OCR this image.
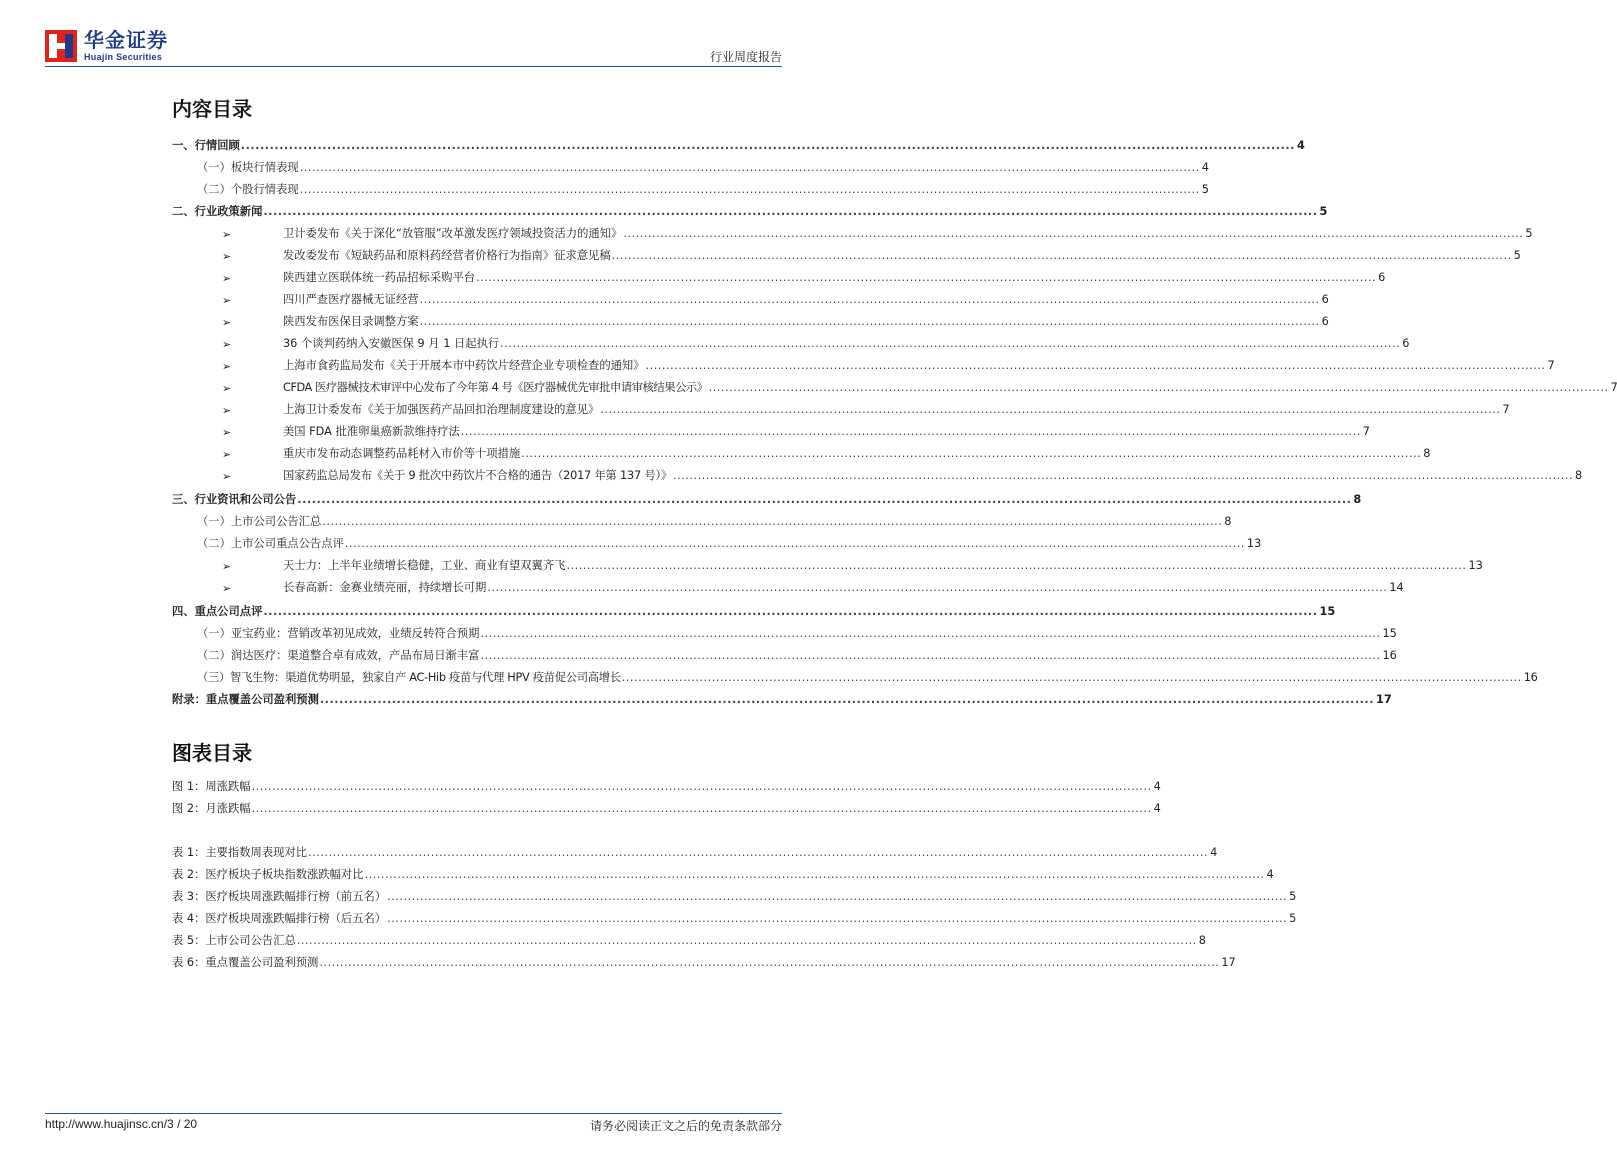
华金证券
Huajin Securities	行业周度报告
内容目录
一、行情回顾 ............................................................................................................................................................................................................................ 4
（一）板块行情表现 ............................................................................................................................................................................................................................ 4
（二）个股行情表现 ............................................................................................................................................................................................................................ 5
二、行业政策新闻 ............................................................................................................................................................................................................................ 5
➢	卫计委发布《关于深化“放管服”改革激发医疗领域投资活力的通知》 ............................................................................................................................................................................................................................ 5
➢	发改委发布《短缺药品和原料药经营者价格行为指南》征求意见稿 ............................................................................................................................................................................................................................ 5
➢	陕西建立医联体统一药品招标采购平台 ............................................................................................................................................................................................................................ 6
➢	四川严查医疗器械无证经营 ............................................................................................................................................................................................................................ 6
➢	陕西发布医保目录调整方案 ............................................................................................................................................................................................................................ 6
➢	36 个谈判药纳入安徽医保 9 月 1 日起执行 ............................................................................................................................................................................................................................ 6
➢	上海市食药监局发布《关于开展本市中药饮片经营企业专项检查的通知》 ............................................................................................................................................................................................................................ 7
➢	CFDA 医疗器械技术审评中心发布了今年第 4 号《医疗器械优先审批申请审核结果公示》 ............................................................................................................................................................................................................................ 7
➢	上海卫计委发布《关于加强医药产品回扣治理制度建设的意见》 ............................................................................................................................................................................................................................ 7
➢	美国 FDA 批准卵巢癌新款维持疗法 ............................................................................................................................................................................................................................ 7
➢	重庆市发布动态调整药品耗材入市价等十项措施 ............................................................................................................................................................................................................................ 8
➢	国家药监总局发布《关于 9 批次中药饮片不合格的通告（2017 年第 137 号）》 ............................................................................................................................................................................................................................ 8
三、行业资讯和公司公告 ............................................................................................................................................................................................................................ 8
（一）上市公司公告汇总 ............................................................................................................................................................................................................................ 8
（二）上市公司重点公告点评 ............................................................................................................................................................................................................................ 13
➢	天士力：上半年业绩增长稳健，工业、商业有望双翼齐飞 ............................................................................................................................................................................................................................ 13
➢	长春高新：金赛业绩亮丽，持续增长可期 ............................................................................................................................................................................................................................ 14
四、重点公司点评 ............................................................................................................................................................................................................................ 15
（一）亚宝药业：营销改革初见成效，业绩反转符合预期 ............................................................................................................................................................................................................................ 15
（二）润达医疗：渠道整合卓有成效，产品布局日渐丰富 ............................................................................................................................................................................................................................ 16
（三）智飞生物：渠道优势明显，独家自产 AC-Hib 疫苗与代理 HPV 疫苗促公司高增长 ............................................................................................................................................................................................................................ 16
附录：重点覆盖公司盈利预测 ............................................................................................................................................................................................................................ 17
图表目录
图 1：周涨跌幅 ............................................................................................................................................................................................................................ 4
图 2：月涨跌幅 ............................................................................................................................................................................................................................ 4
表 1：主要指数周表现对比 ............................................................................................................................................................................................................................ 4
表 2：医疗板块子板块指数涨跌幅对比 ............................................................................................................................................................................................................................ 4
表 3：医疗板块周涨跌幅排行榜（前五名） ............................................................................................................................................................................................................................ 5
表 4：医疗板块周涨跌幅排行榜（后五名） ............................................................................................................................................................................................................................ 5
表 5：上市公司公告汇总 ............................................................................................................................................................................................................................ 8
表 6：重点覆盖公司盈利预测 ............................................................................................................................................................................................................................ 17
http://www.huajinsc.cn/3 / 20	请务必阅读正文之后的免责条款部分
